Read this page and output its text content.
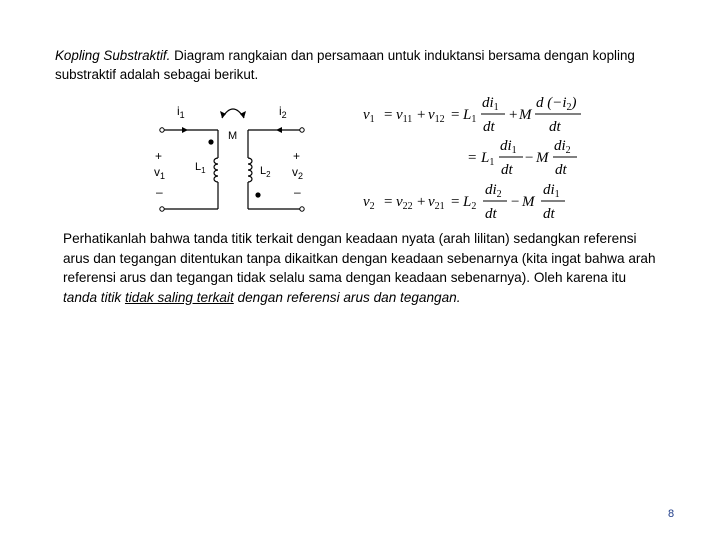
Kopling Substraktif. Diagram rangkaian dan persamaan untuk induktansi bersama dengan kopling substraktif adalah sebagai berikut.
$i_1$	$i_2$
M
+
$v_1$
–
$L_1$	$L_2$
+
$v_2$
–
$v_1 = v_{11} + v_{12} = L_1$
$di_1$
dt
+ M
d $(-i_2)$
dt
= $L_1$
$di_1$
dt
− M
$di_2$
dt
$v_2 = v_{22} + v_{21} = L_2$
$di_2$
dt
− M
$di_1$
dt
Perhatikanlah bahwa tanda titik terkait dengan keadaan nyata (arah lilitan) sedangkan referensi arus dan tegangan ditentukan tanpa dikaitkan dengan keadaan sebenarnya (kita ingat bahwa arah referensi arus dan tegangan tidak selalu sama dengan keadaan sebenarnya). Oleh karena itu tanda titik tidak saling terkait dengan referensi arus dan tegangan.
8
